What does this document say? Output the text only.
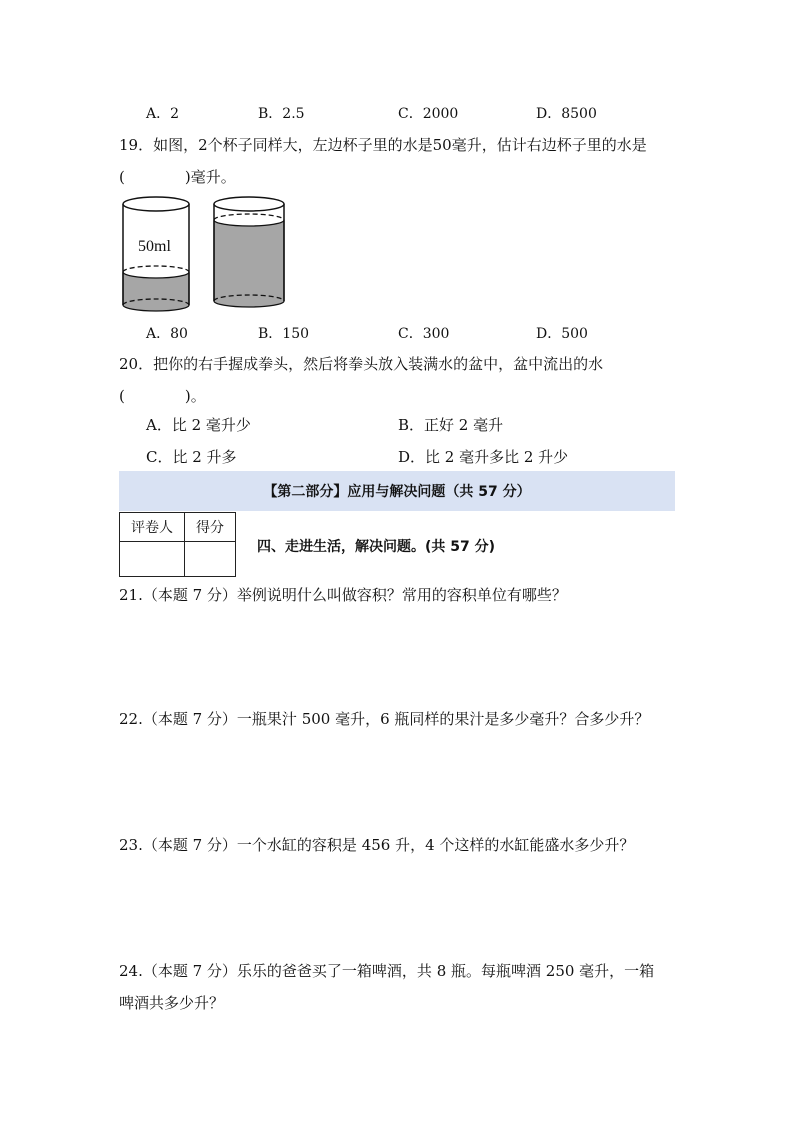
A．2	B．2.5	C．2000	D．8500
19．如图，2个杯子同样大，左边杯子里的水是50毫升，估计右边杯子里的水是
(　　　　)毫升。
50ml
A．80	B．150	C．300	D．500
20．把你的右手握成拳头，然后将拳头放入装满水的盆中，盆中流出的水
(　　　　)。
A．比 2 毫升少	B．正好 2 毫升
C．比 2 升多	D．比 2 毫升多比 2 升少
【第二部分】应用与解决问题（共 57 分）
评卷人	得分

四、走进生活，解决问题。(共 57 分)
21.（本题 7 分）举例说明什么叫做容积？常用的容积单位有哪些？
22.（本题 7 分）一瓶果汁 500 毫升，6 瓶同样的果汁是多少毫升？合多少升？
23.（本题 7 分）一个水缸的容积是 456 升，4 个这样的水缸能盛水多少升？
24.（本题 7 分）乐乐的爸爸买了一箱啤酒，共 8 瓶。每瓶啤酒 250 毫升，一箱
啤酒共多少升？
